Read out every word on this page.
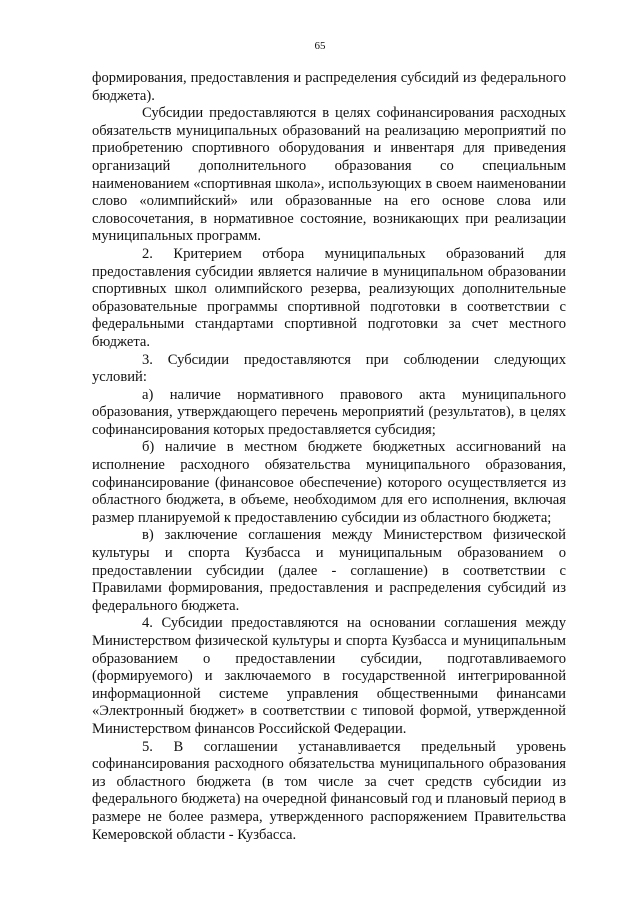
65

формирования, предоставления и распределения субсидий из федерального бюджета).

Субсидии предоставляются в целях софинансирования расходных обязательств муниципальных образований на реализацию мероприятий по приобретению спортивного оборудования и инвентаря для приведения организаций дополнительного образования со специальным наименованием «спортивная школа», использующих в своем наименовании слово «олимпийский» или образованные на его основе слова или словосочетания, в нормативное состояние, возникающих при реализации муниципальных программ.

2. Критерием отбора муниципальных образований для предоставления субсидии является наличие в муниципальном образовании спортивных школ олимпийского резерва, реализующих дополнительные образовательные программы спортивной подготовки в соответствии с федеральными стандартами спортивной подготовки за счет местного бюджета.

3. Субсидии предоставляются при соблюдении следующих условий:

а) наличие нормативного правового акта муниципального образования, утверждающего перечень мероприятий (результатов), в целях софинансирования которых предоставляется субсидия;

б) наличие в местном бюджете бюджетных ассигнований на исполнение расходного обязательства муниципального образования, софинансирование (финансовое обеспечение) которого осуществляется из областного бюджета, в объеме, необходимом для его исполнения, включая размер планируемой к предоставлению субсидии из областного бюджета;

в) заключение соглашения между Министерством физической культуры и спорта Кузбасса и муниципальным образованием о предоставлении субсидии (далее - соглашение) в соответствии с Правилами формирования, предоставления и распределения субсидий из федерального бюджета.

4. Субсидии предоставляются на основании соглашения между Министерством физической культуры и спорта Кузбасса и муниципальным образованием о предоставлении субсидии, подготавливаемого (формируемого) и заключаемого в государственной интегрированной информационной системе управления общественными финансами «Электронный бюджет» в соответствии с типовой формой, утвержденной Министерством финансов Российской Федерации.

5. В соглашении устанавливается предельный уровень софинансирования расходного обязательства муниципального образования из областного бюджета (в том числе за счет средств субсидии из федерального бюджета) на очередной финансовый год и плановый период в размере не более размера, утвержденного распоряжением Правительства Кемеровской области - Кузбасса.
